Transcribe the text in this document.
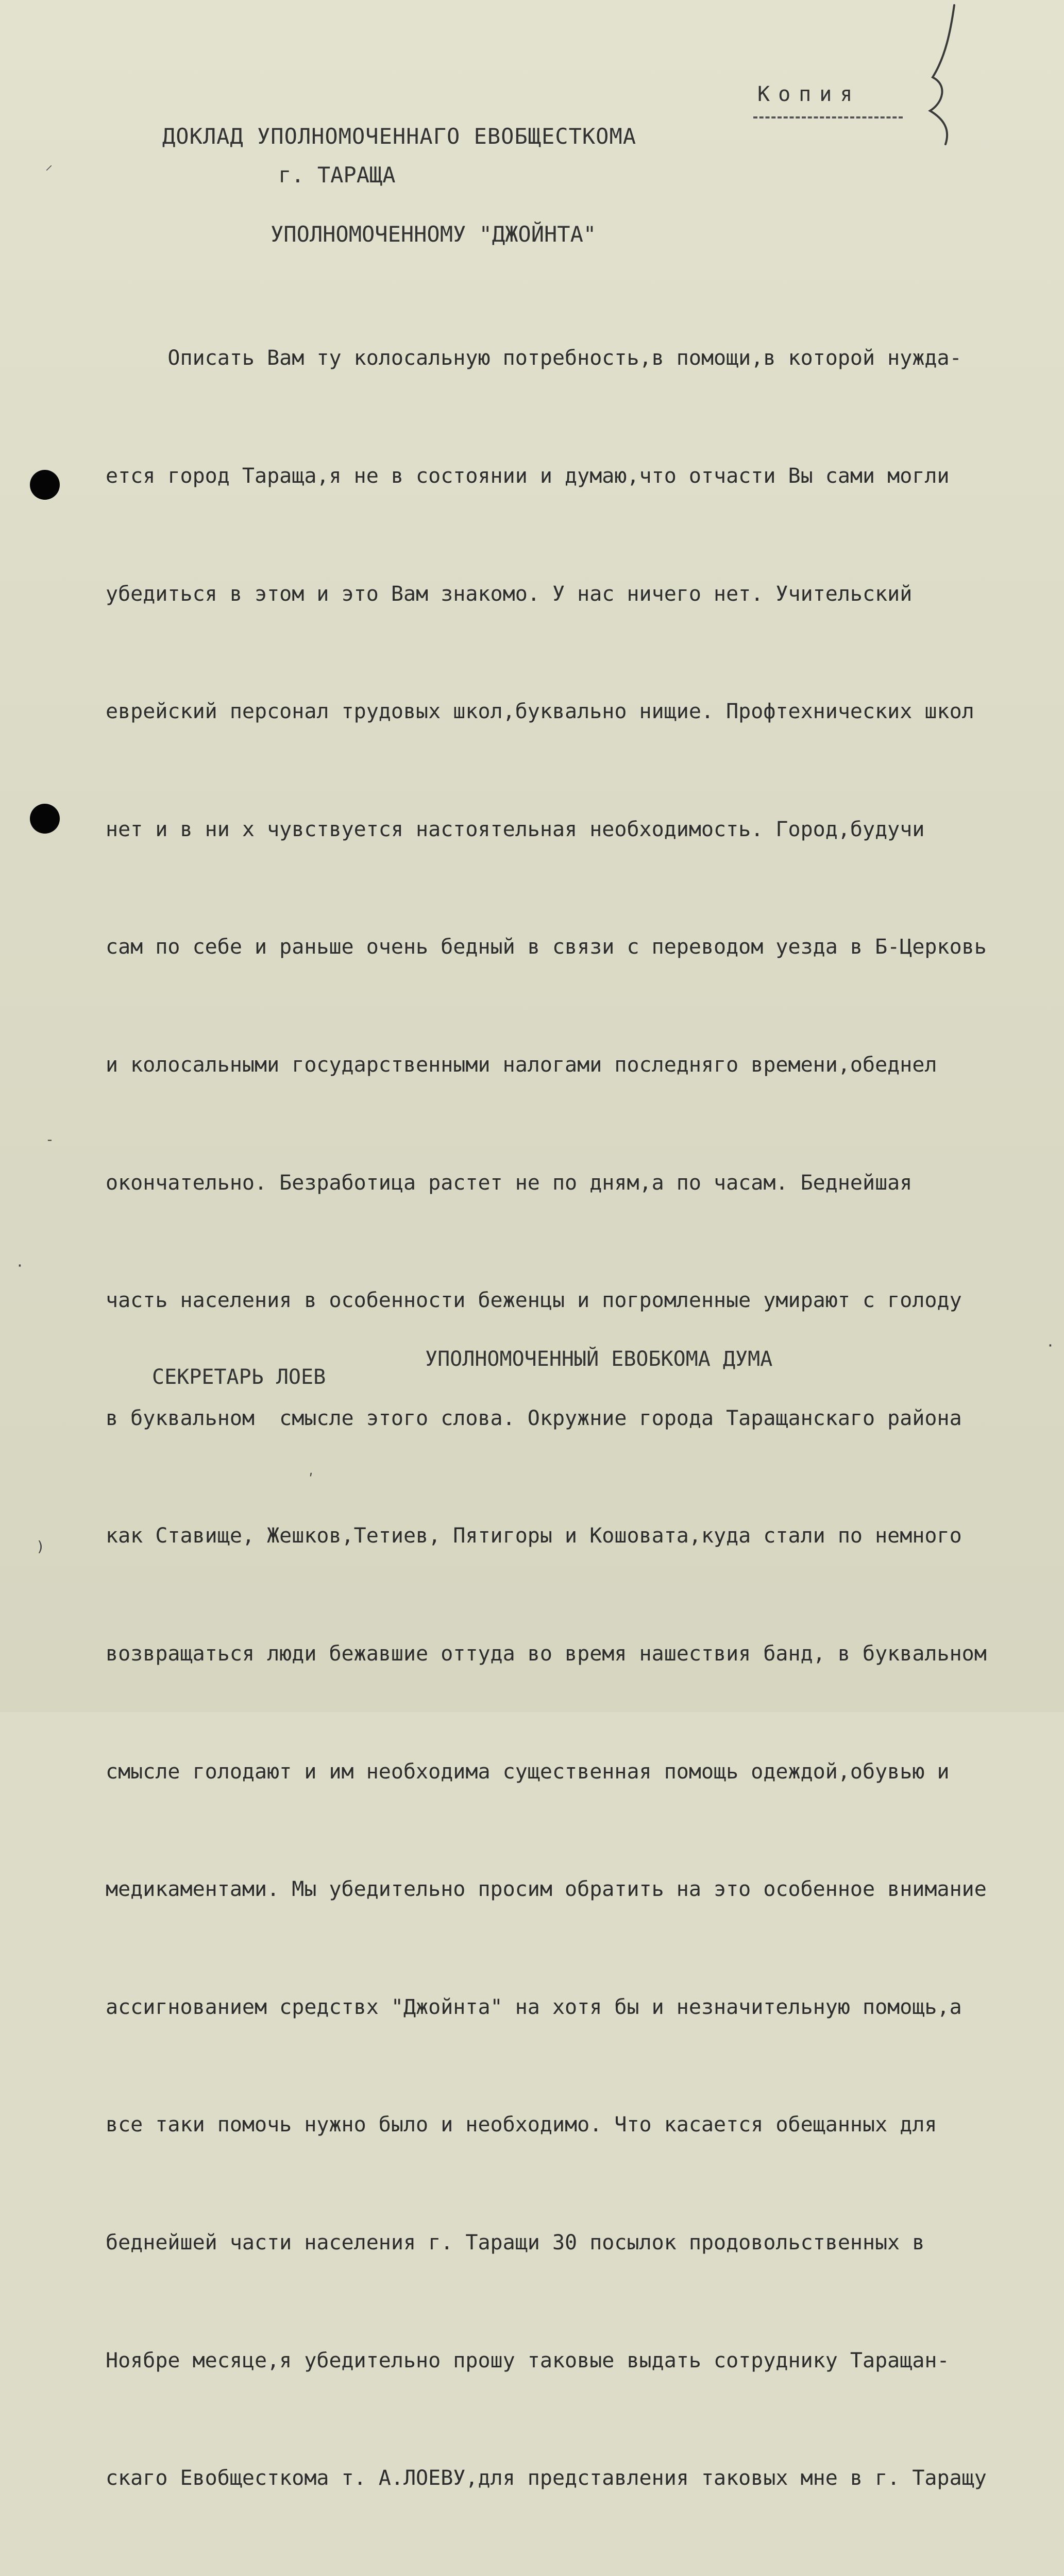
Копия
ДОКЛАД УПОЛНОМОЧЕННАГО ЕВОБЩЕСТКОМА
г. ТАРАЩА
УПОЛНОМОЧЕННОМУ "ДЖОЙНТА"

Описать Вам ту колосальную потребность,в помощи,в которой нужда-

ется город Тараща,я не в состоянии и думаю,что отчасти Вы сами могли

убедиться в этом и это Вам знакомо. У нас ничего нет. Учительский

еврейский персонал трудовых школ,буквально нищие. Профтехнических школ

нет и в ни х чувствуется настоятельная необходимость. Город,будучи

сам по себе и раньше очень бедный в связи с переводом уезда в Б-Церковь

и колосальными государственными налогами последняго времени,обеднел

окончательно. Безработица растет не по дням,а по часам. Беднейшая

часть населения в особенности беженцы и погромленные умирают с голоду

в буквальном  смысле этого слова. Окружние города Таращанскаго района

как Ставище, Жешков,Тетиев, Пятигоры и Кошовата,куда стали по немного

возвращаться люди бежавшие оттуда во время нашествия банд, в буквальном

смысле голодают и им необходима существенная помощь одеждой,обувью и

медикаментами. Мы убедительно просим обратить на это особенное внимание

ассигнованием средствх "Джойнта" на хотя бы и незначительную помощь,а

все таки помочь нужно было и необходимо. Что касается обещанных для

беднейшей части населения г. Таращи 30 посылок продовольственных в

Ноябре месяце,я убедительно прошу таковые выдать сотруднику Таращан-

скаго Евобщесткома т. А.ЛОЕВУ,для представления таковых мне в г. Таращу

УПОЛНОМОЧЕННЫЙ ЕВОБКОМА ДУМА
СЕКРЕТАРЬ ЛОЕВ
⸝
-
·
ʹ
)
·
